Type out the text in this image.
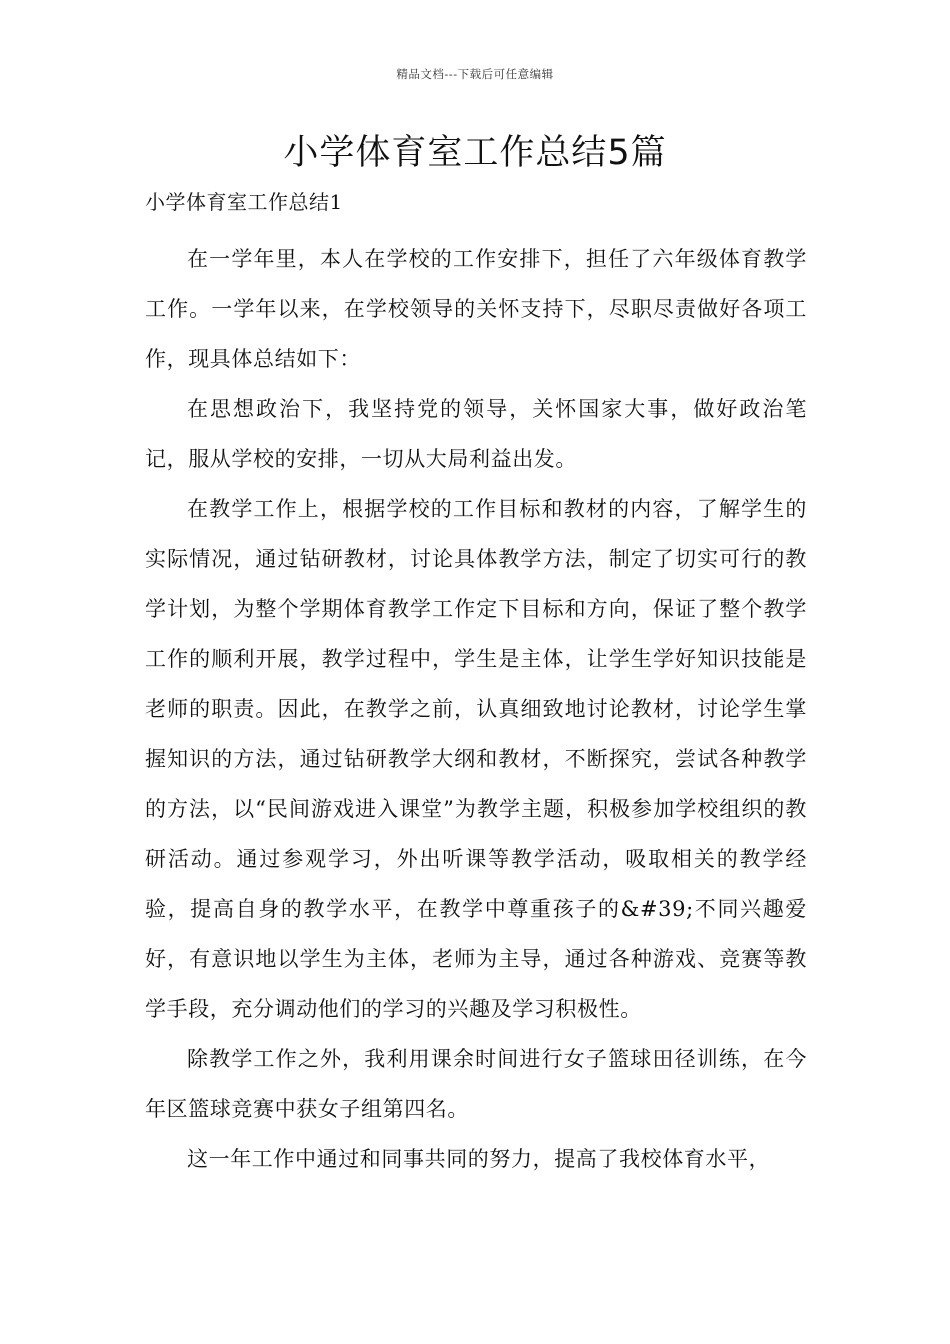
精品文档---下载后可任意编辑
小学体育室工作总结5篇
小学体育室工作总结1

在一学年里，本人在学校的工作安排下，担任了六年级体育教学工作。一学年以来，在学校领导的关怀支持下，尽职尽责做好各项工作，现具体总结如下：

在思想政治下，我坚持党的领导，关怀国家大事，做好政治笔记，服从学校的安排，一切从大局利益出发。

在教学工作上，根据学校的工作目标和教材的内容，了解学生的实际情况，通过钻研教材，讨论具体教学方法，制定了切实可行的教学计划，为整个学期体育教学工作定下目标和方向，保证了整个教学工作的顺利开展，教学过程中，学生是主体，让学生学好知识技能是老师的职责。因此，在教学之前，认真细致地讨论教材，讨论学生掌握知识的方法，通过钻研教学大纲和教材，不断探究，尝试各种教学的方法，以“民间游戏进入课堂”为教学主题，积极参加学校组织的教研活动。通过参观学习，外出听课等教学活动，吸取相关的教学经验，提高自身的教学水平，在教学中尊重孩子的&#39;不同兴趣爱好，有意识地以学生为主体，老师为主导，通过各种游戏、竞赛等教学手段，充分调动他们的学习的兴趣及学习积极性。

除教学工作之外，我利用课余时间进行女子篮球田径训练，在今年区篮球竞赛中获女子组第四名。

这一年工作中通过和同事共同的努力，提高了我校体育水平，
